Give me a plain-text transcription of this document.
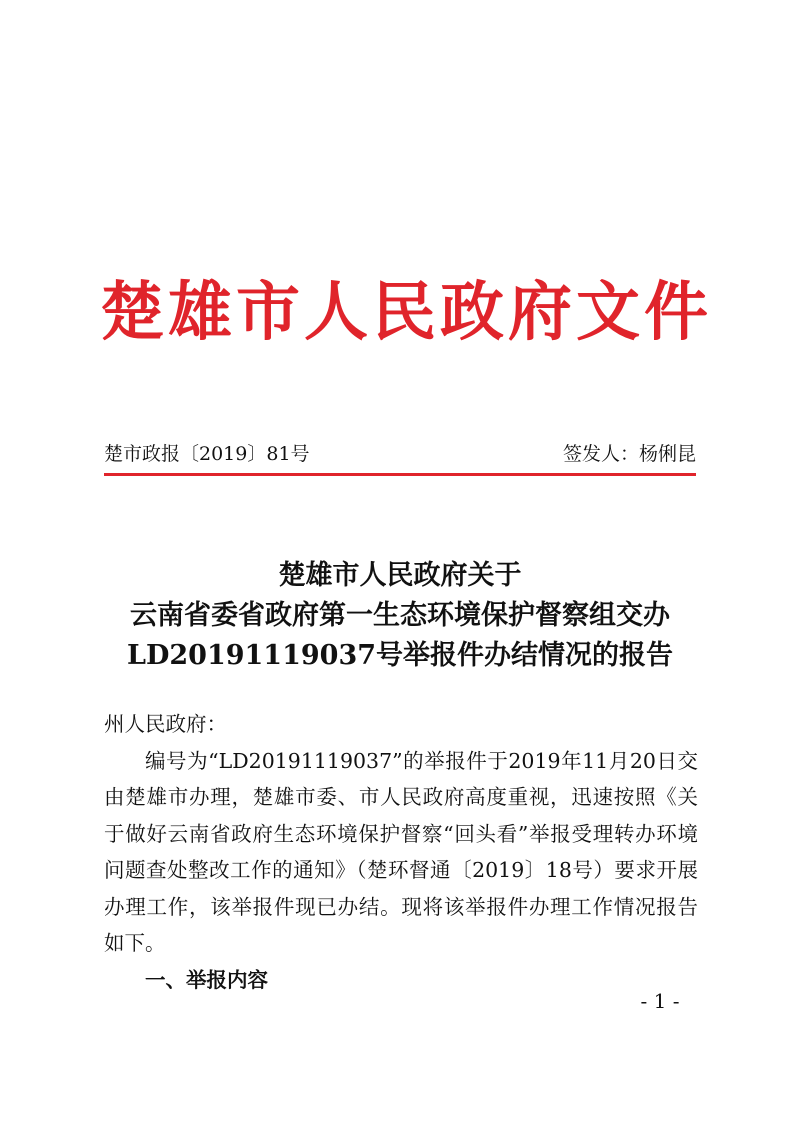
楚雄市人民政府文件
楚市政报〔2019〕81号	签发人：杨俐昆
楚雄市人民政府关于
云南省委省政府第一生态环境保护督察组交办
LD20191119037号举报件办结情况的报告

州人民政府：

编号为“LD20191119037”的举报件于2019年11月20日交由楚雄市办理，楚雄市委、市人民政府高度重视，迅速按照《关于做好云南省政府生态环境保护督察“回头看”举报受理转办环境问题查处整改工作的通知》（楚环督通〔2019〕18号）要求开展办理工作，该举报件现已办结。现将该举报件办理工作情况报告如下。

一、举报内容

- 1 -
